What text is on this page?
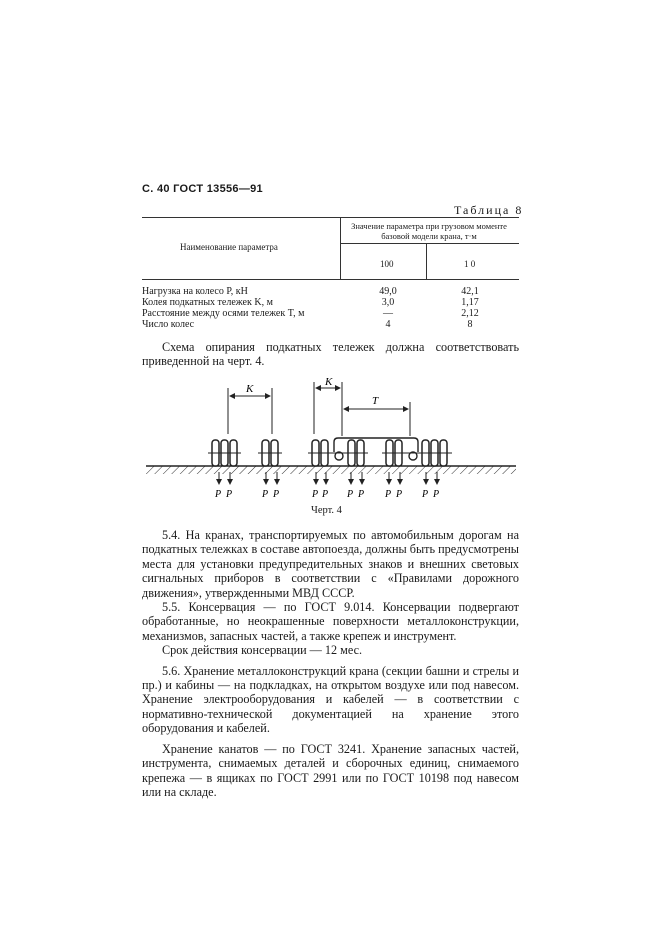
С. 40 ГОСТ 13556—91
Таблица 8
Наименование параметра
Значение параметра при грузовом моменте базовой модели крана, т·м
100	1 0
Нагрузка на колесо P, кН	49,0	42,1
Колея подкатных тележек K, м	3,0	1,17
Расстояние между осями тележек T, м	—	2,12
Число колес	4	8

Схема опирания подкатных тележек должна соответствовать приведенной на черт. 4.

K
K
T
P P	P P	P P P P P P P P
Черт. 4

5.4. На кранах, транспортируемых по автомобильным дорогам на подкатных тележках в составе автопоезда, должны быть предусмотрены места для установки предупредительных знаков и внешних световых сигнальных приборов в соответствии с «Правилами дорожного движения», утвержденными МВД СССР.

5.5. Консервация — по ГОСТ 9.014. Консервации подвергают обработанные, но неокрашенные поверхности металлоконструкции, механизмов, запасных частей, а также крепеж и инструмент.

Срок действия консервации — 12 мес.

5.6. Хранение металлоконструкций крана (секции башни и стрелы и пр.) и кабины — на подкладках, на открытом воздухе или под навесом. Хранение электрооборудования и кабелей — в соответствии с нормативно-технической документацией на хранение этого оборудования и кабелей.

Хранение канатов — по ГОСТ 3241. Хранение запасных частей, инструмента, снимаемых деталей и сборочных единиц, снимаемого крепежа — в ящиках по ГОСТ 2991 или по ГОСТ 10198 под навесом или на складе.
